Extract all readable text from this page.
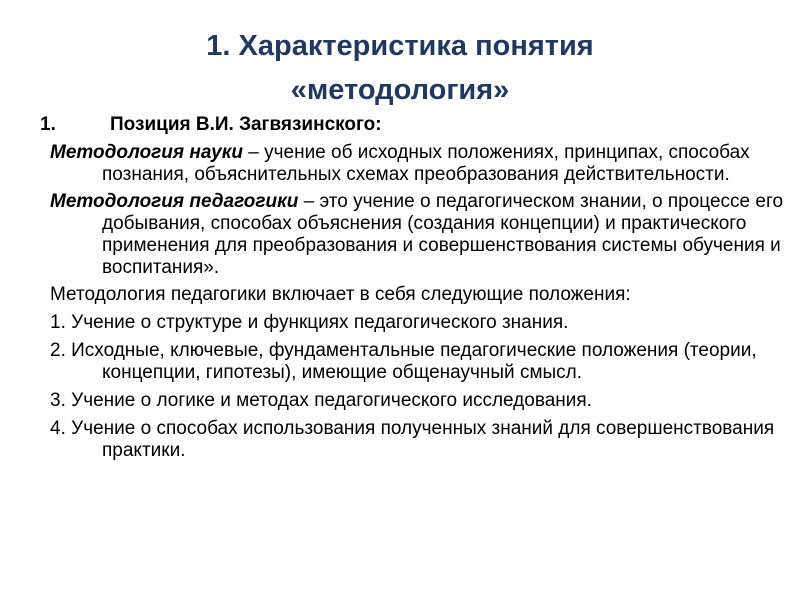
1. Характеристика понятия
«методология»
1.	Позиция В.И. Загвязинского:
Методология науки – учение об исходных положениях, принципах, способах познания, объяснительных схемах преобразования действительности.
Методология педагогики – это учение о педагогическом знании, о процессе его добывания, способах объяснения (создания концепции) и практического применения для преобразования и совершенствования системы обучения и воспитания».
Методология педагогики включает в себя следующие положения:
1. Учение о структуре и функциях педагогического знания.
2. Исходные, ключевые, фундаментальные педагогические положения (теории, концепции, гипотезы), имеющие общенаучный смысл.
3. Учение о логике и методах педагогического исследования.
4. Учение о способах использования полученных знаний для совершенствования практики.
